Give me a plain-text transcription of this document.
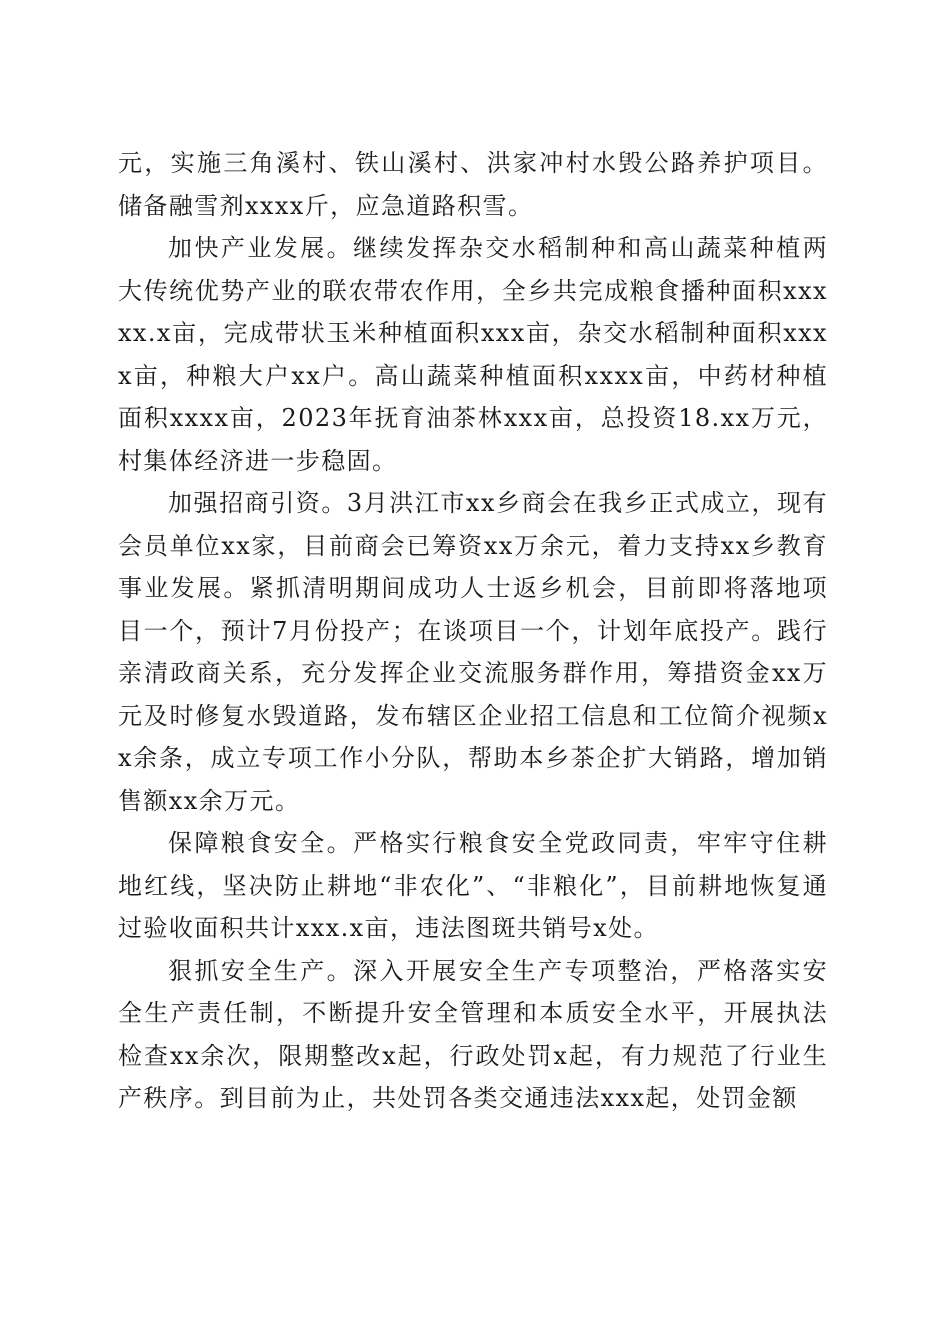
元，实施三角溪村、铁山溪村、洪家冲村水毁公路养护项目。储备融雪剂xxxx斤，应急道路积雪。

加快产业发展。继续发挥杂交水稻制种和高山蔬菜种植两大传统优势产业的联农带农作用，全乡共完成粮食播种面积xxxxx.x亩，完成带状玉米种植面积xxx亩，杂交水稻制种面积xxxx亩，种粮大户xx户。高山蔬菜种植面积xxxx亩，中药材种植面积xxxx亩，2023年抚育油茶林xxx亩，总投资18.xx万元，村集体经济进一步稳固。

加强招商引资。3月洪江市xx乡商会在我乡正式成立，现有会员单位xx家，目前商会已筹资xx万余元，着力支持xx乡教育事业发展。紧抓清明期间成功人士返乡机会，目前即将落地项目一个，预计7月份投产；在谈项目一个，计划年底投产。践行亲清政商关系，充分发挥企业交流服务群作用，筹措资金xx万元及时修复水毁道路，发布辖区企业招工信息和工位简介视频xx余条，成立专项工作小分队，帮助本乡茶企扩大销路，增加销售额xx余万元。

保障粮食安全。严格实行粮食安全党政同责，牢牢守住耕地红线，坚决防止耕地“非农化”、“非粮化”，目前耕地恢复通过验收面积共计xxx.x亩，违法图斑共销号x处。

狠抓安全生产。深入开展安全生产专项整治，严格落实安全生产责任制，不断提升安全管理和本质安全水平，开展执法检查xx余次，限期整改x起，行政处罚x起，有力规范了行业生产秩序。到目前为止，共处罚各类交通违法xxx起，处罚金额
